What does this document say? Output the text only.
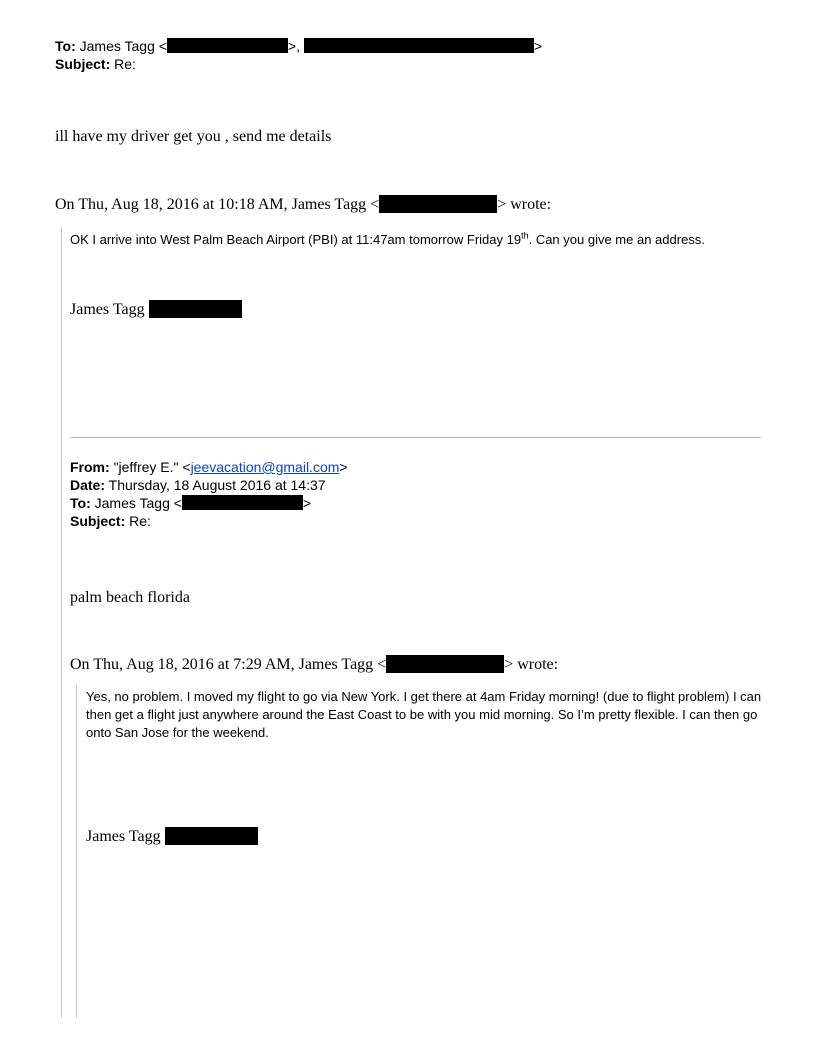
To: James Tagg <	>,	>
Subject: Re:
ill have my driver get you , send me details
On Thu, Aug 18, 2016 at 10:18 AM, James Tagg <	> wrote:
OK I arrive into West Palm Beach Airport (PBI) at 11:47am tomorrow Friday 19th. Can you give me an address.
James Tagg
From: "jeffrey E." <jeevacation@gmail.com>
Date: Thursday, 18 August 2016 at 14:37
To: James Tagg <	>
Subject: Re:
palm beach florida
On Thu, Aug 18, 2016 at 7:29 AM, James Tagg <	> wrote:
Yes, no problem. I moved my flight to go via New York. I get there at 4am Friday morning! (due to flight problem) I can then get a flight just anywhere around the East Coast to be with you mid morning. So I’m pretty flexible. I can then go onto San Jose for the weekend.
James Tagg
